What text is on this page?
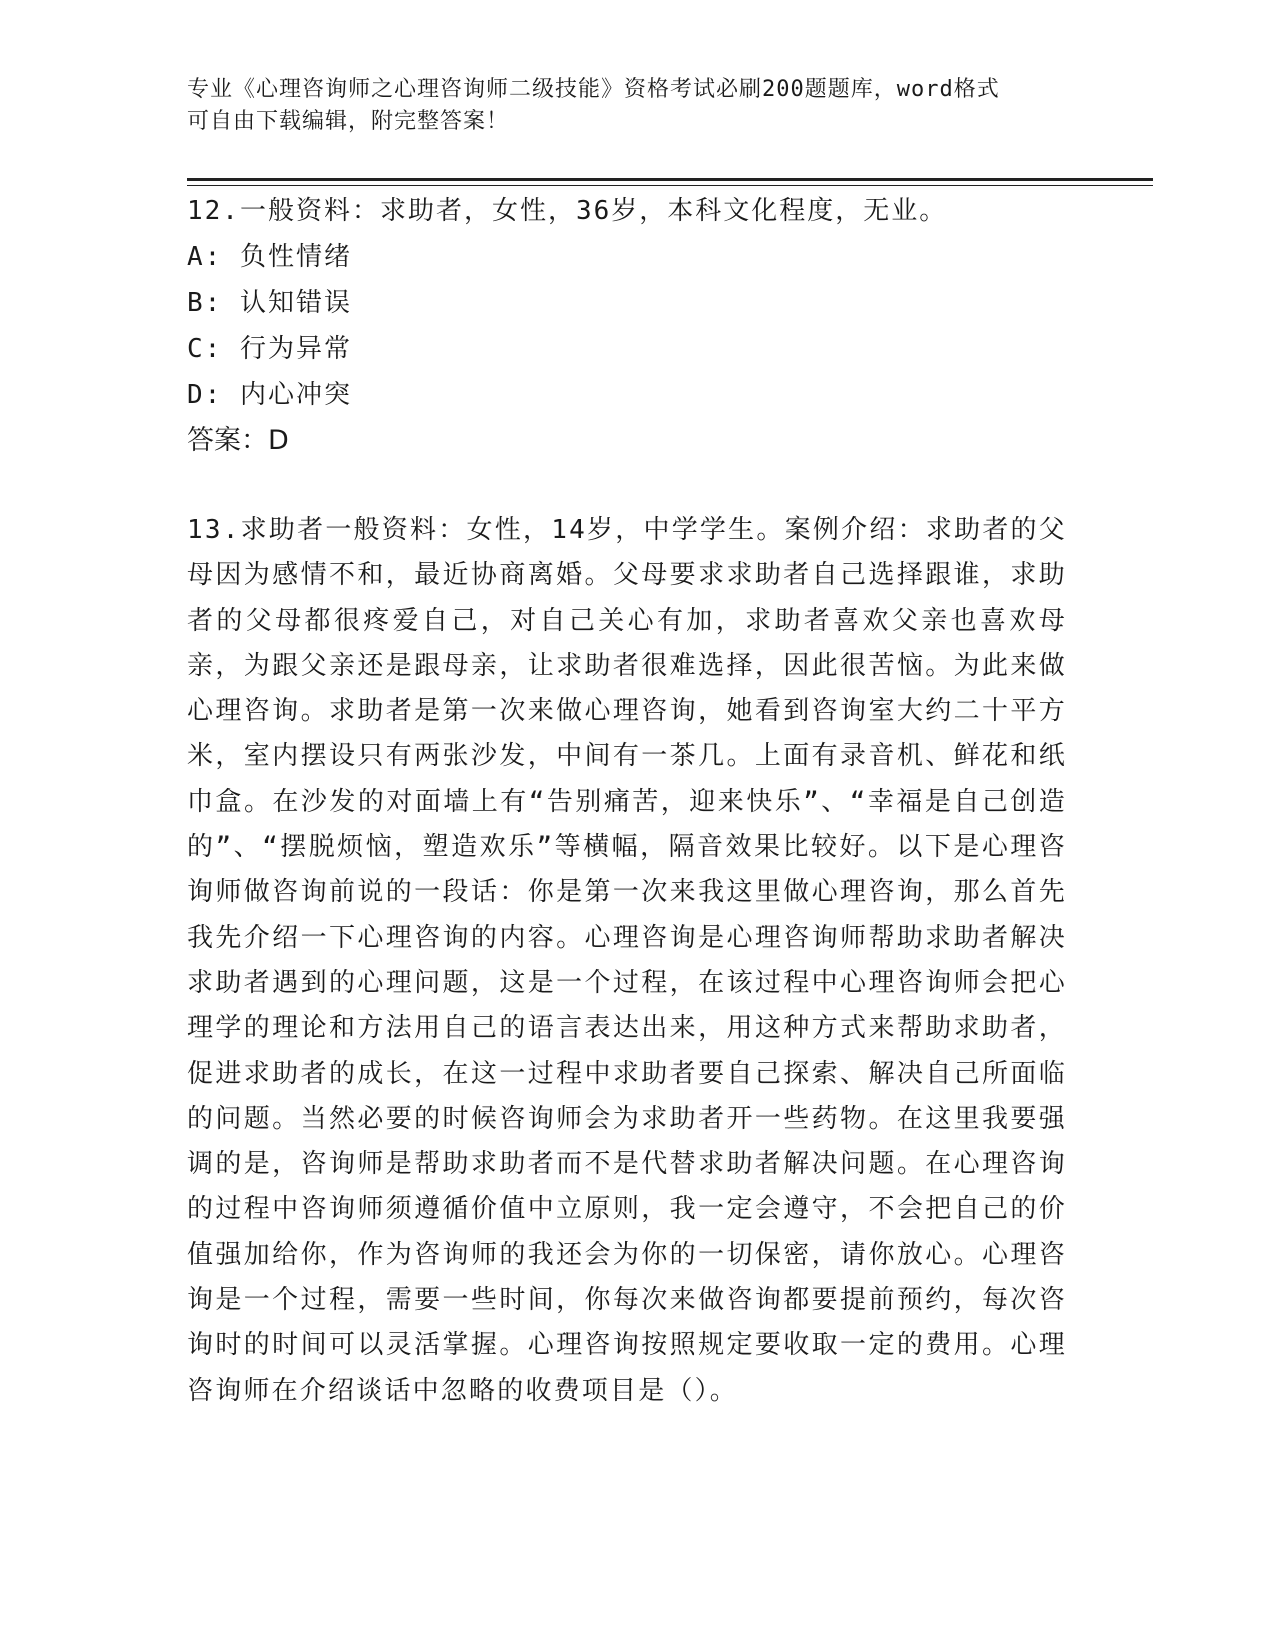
专业《心理咨询师之心理咨询师二级技能》资格考试必刷200题题库，word格式
可自由下载编辑，附完整答案！
12.一般资料：求助者，女性，36岁，本科文化程度，无业。
A: 负性情绪
B: 认知错误
C: 行为异常
D: 内心冲突
答案：D
13.求助者一般资料：女性，14岁，中学学生。案例介绍：求助者的父母因为感情不和，最近协商离婚。父母要求求助者自己选择跟谁，求助者的父母都很疼爱自己，对自己关心有加，求助者喜欢父亲也喜欢母亲，为跟父亲还是跟母亲，让求助者很难选择，因此很苦恼。为此来做心理咨询。求助者是第一次来做心理咨询，她看到咨询室大约二十平方米，室内摆设只有两张沙发，中间有一茶几。上面有录音机、鲜花和纸巾盒。在沙发的对面墙上有“告别痛苦，迎来快乐”、“幸福是自己创造的”、“摆脱烦恼，塑造欢乐”等横幅，隔音效果比较好。以下是心理咨询师做咨询前说的一段话：你是第一次来我这里做心理咨询，那么首先我先介绍一下心理咨询的内容。心理咨询是心理咨询师帮助求助者解决求助者遇到的心理问题，这是一个过程，在该过程中心理咨询师会把心理学的理论和方法用自己的语言表达出来，用这种方式来帮助求助者，促进求助者的成长，在这一过程中求助者要自己探索、解决自己所面临的问题。当然必要的时候咨询师会为求助者开一些药物。在这里我要强调的是，咨询师是帮助求助者而不是代替求助者解决问题。在心理咨询的过程中咨询师须遵循价值中立原则，我一定会遵守，不会把自己的价值强加给你，作为咨询师的我还会为你的一切保密，请你放心。心理咨询是一个过程，需要一些时间，你每次来做咨询都要提前预约，每次咨询时的时间可以灵活掌握。心理咨询按照规定要收取一定的费用。心理咨询师在介绍谈话中忽略的收费项目是（）。
